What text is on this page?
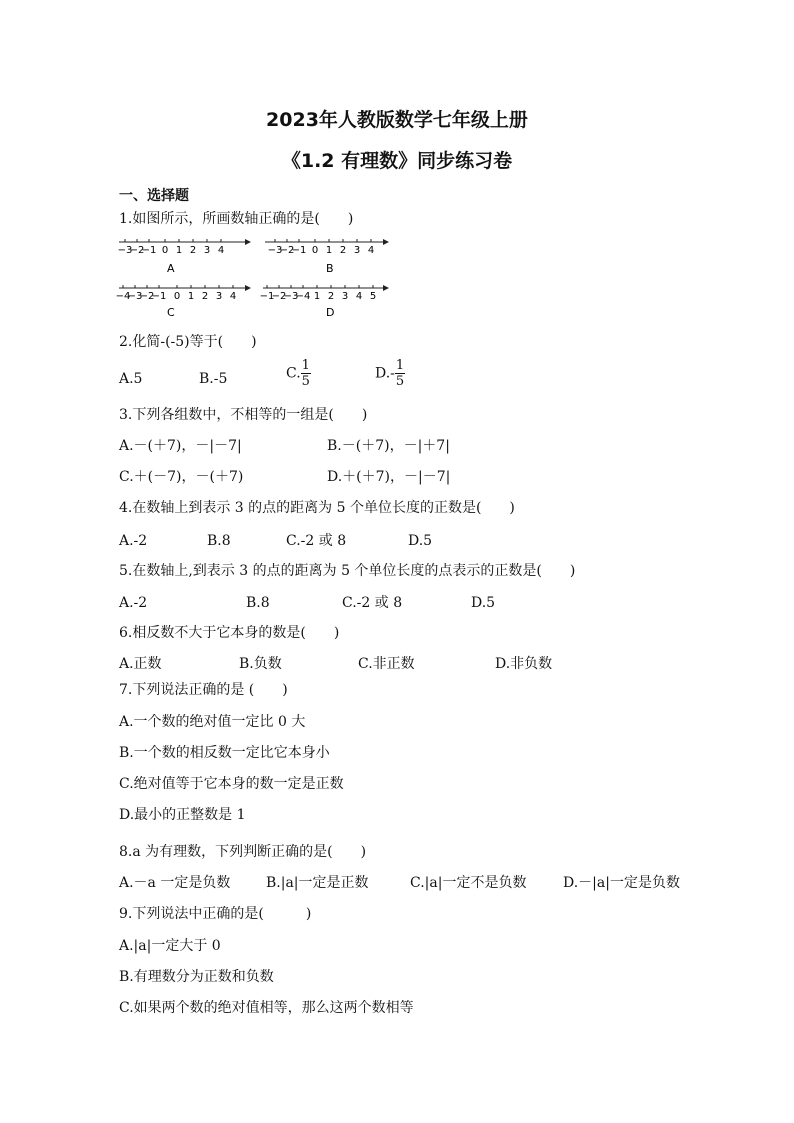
2023年人教版数学七年级上册
《1.2 有理数》同步练习卷
一、选择题
1.如图所示，所画数轴正确的是(　　)
−3
−2
−1 0 1 2 3 4
A
−3
−2
−1 0 1 2 3 4
B
−4
−3
−2
−1 0 1 2 3 4
C
−1
−2
−3
−4 1 2 3 4 5
D
2.化简-(-5)等于(　　)
A.5	B.-5	C. $\frac{1}{5}$	$D.- \frac{1}{5}$
3.下列各组数中，不相等的一组是(　　)
A.－(＋7)，－|－7|	B.－(＋7)，－|＋7|
C.＋(－7)，－(＋7)	D.＋(＋7)，－|－7|
4.在数轴上到表示 3 的点的距离为 5 个单位长度的正数是(　　)
A.-2	B.8	C.-2 或 8	D.5
5.在数轴上,到表示 3 的点的距离为 5 个单位长度的点表示的正数是(　　)
A.-2	B.8	C.-2 或 8	D.5
6.相反数不大于它本身的数是(　　)
A.正数	B.负数	C.非正数	D.非负数
7.下列说法正确的是 (　　)
A.一个数的绝对值一定比 0 大
B.一个数的相反数一定比它本身小
C.绝对值等于它本身的数一定是正数
D.最小的正整数是 1
8.a 为有理数，下列判断正确的是(　　)
A.－a 一定是负数	B.|a|一定是正数	C.|a|一定不是负数	D.－|a|一定是负数
9.下列说法中正确的是(　　　)
A.|a|一定大于 0
B.有理数分为正数和负数
C.如果两个数的绝对值相等，那么这两个数相等
